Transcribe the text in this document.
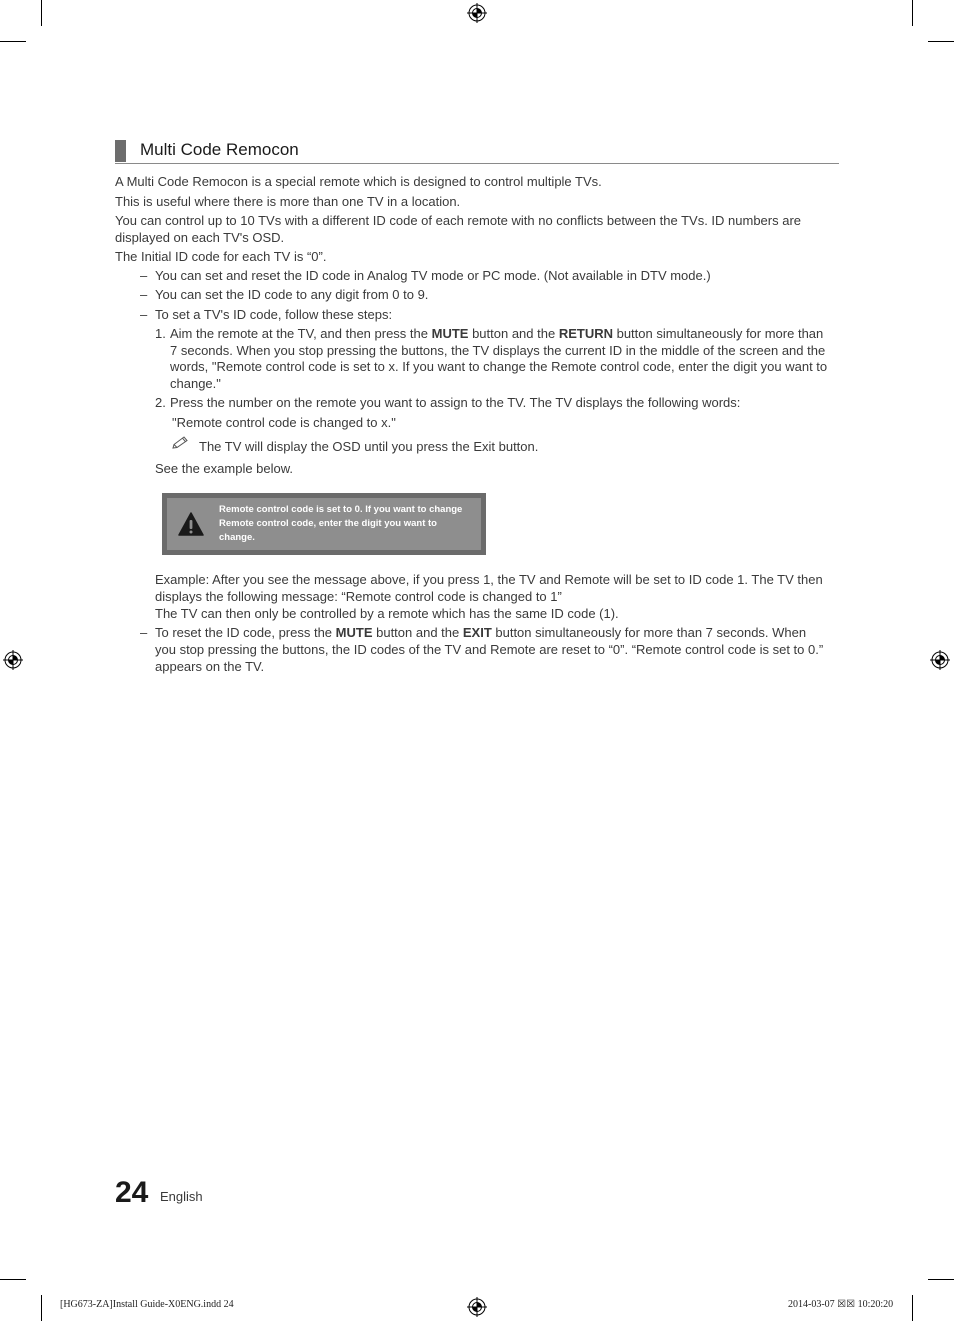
Multi Code Remocon
A Multi Code Remocon is a special remote which is designed to control multiple TVs.
This is useful where there is more than one TV in a location.
You can control up to 10 TVs with a different ID code of each remote with no conflicts between the TVs. ID numbers are
displayed on each TV's OSD.
The Initial ID code for each TV is “0”.
– You can set and reset the ID code in Analog TV mode or PC mode. (Not available in DTV mode.)
– You can set the ID code to any digit from 0 to 9.
– To set a TV's ID code, follow these steps:
1. Aim the remote at the TV, and then press the MUTE button and the RETURN button simultaneously for more than
7 seconds. When you stop pressing the buttons, the TV displays the current ID in the middle of the screen and the
words, "Remote control code is set to x. If you want to change the Remote control code, enter the digit you want to
change."
2. Press the number on the remote you want to assign to the TV. The TV displays the following words:
"Remote control code is changed to x."
The TV will display the OSD until you press the Exit button.
See the example below.
Remote control code is set to 0. If you want to change
Remote control code, enter the digit you want to
change.
Example: After you see the message above, if you press 1, the TV and Remote will be set to ID code 1. The TV then
displays the following message: “Remote control code is changed to 1”
The TV can then only be controlled by a remote which has the same ID code (1).
– To reset the ID code, press the MUTE button and the EXIT button simultaneously for more than 7 seconds. When
you stop pressing the buttons, the ID codes of the TV and Remote are reset to “0”. “Remote control code is set to 0.”
appears on the TV.
24 English
[HG673-ZA]Install Guide-X0ENG.indd 24	2014-03-07 ☒☒ 10:20:20
